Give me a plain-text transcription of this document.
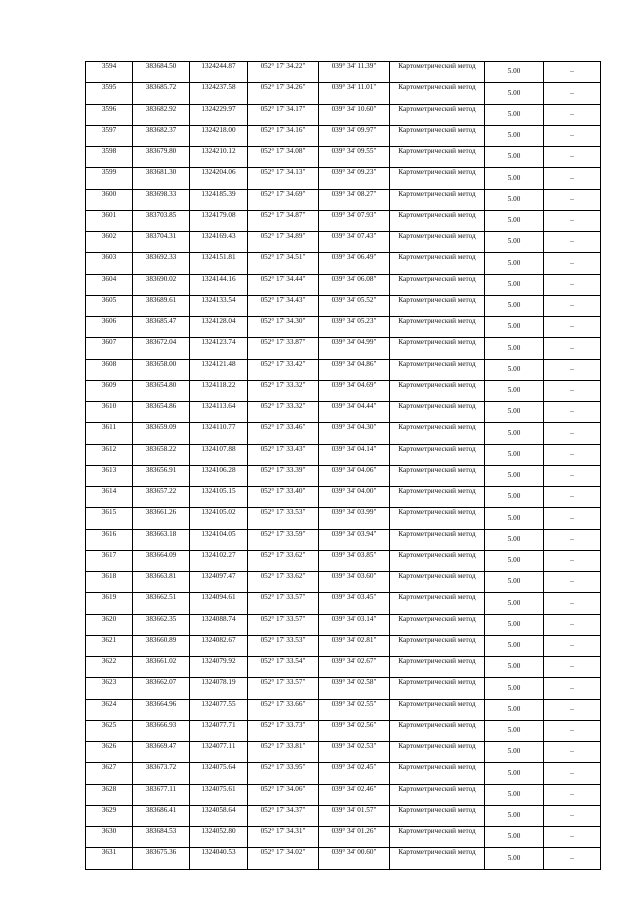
3594	383684.50	1324244.87	052° 17' 34.22"	039° 34' 11.39"	Картометрический метод	5.00	–
3595	383685.72	1324237.58	052° 17' 34.26"	039° 34' 11.01"	Картометрический метод	5.00	–
3596	383682.92	1324229.97	052° 17' 34.17"	039° 34' 10.60"	Картометрический метод	5.00	–
3597	383682.37	1324218.00	052° 17' 34.16"	039° 34' 09.97"	Картометрический метод	5.00	–
3598	383679.80	1324210.12	052° 17' 34.08"	039° 34' 09.55"	Картометрический метод	5.00	–
3599	383681.30	1324204.06	052° 17' 34.13"	039° 34' 09.23"	Картометрический метод	5.00	–
3600	383698.33	1324185.39	052° 17' 34.69"	039° 34' 08.27"	Картометрический метод	5.00	–
3601	383703.85	1324179.08	052° 17' 34.87"	039° 34' 07.93"	Картометрический метод	5.00	–
3602	383704.31	1324169.43	052° 17' 34.89"	039° 34' 07.43"	Картометрический метод	5.00	–
3603	383692.33	1324151.81	052° 17' 34.51"	039° 34' 06.49"	Картометрический метод	5.00	–
3604	383690.02	1324144.16	052° 17' 34.44"	039° 34' 06.08"	Картометрический метод	5.00	–
3605	383689.61	1324133.54	052° 17' 34.43"	039° 34' 05.52"	Картометрический метод	5.00	–
3606	383685.47	1324128.04	052° 17' 34.30"	039° 34' 05.23"	Картометрический метод	5.00	–
3607	383672.04	1324123.74	052° 17' 33.87"	039° 34' 04.99"	Картометрический метод	5.00	–
3608	383658.00	1324121.48	052° 17' 33.42"	039° 34' 04.86"	Картометрический метод	5.00	–
3609	383654.80	1324118.22	052° 17' 33.32"	039° 34' 04.69"	Картометрический метод	5.00	–
3610	383654.86	1324113.64	052° 17' 33.32"	039° 34' 04.44"	Картометрический метод	5.00	–
3611	383659.09	1324110.77	052° 17' 33.46"	039° 34' 04.30"	Картометрический метод	5.00	–
3612	383658.22	1324107.88	052° 17' 33.43"	039° 34' 04.14"	Картометрический метод	5.00	–
3613	383656.91	1324106.28	052° 17' 33.39"	039° 34' 04.06"	Картометрический метод	5.00	–
3614	383657.22	1324105.15	052° 17' 33.40"	039° 34' 04.00"	Картометрический метод	5.00	–
3615	383661.26	1324105.02	052° 17' 33.53"	039° 34' 03.99"	Картометрический метод	5.00	–
3616	383663.18	1324104.05	052° 17' 33.59"	039° 34' 03.94"	Картометрический метод	5.00	–
3617	383664.09	1324102.27	052° 17' 33.62"	039° 34' 03.85"	Картометрический метод	5.00	–
3618	383663.81	1324097.47	052° 17' 33.62"	039° 34' 03.60"	Картометрический метод	5.00	–
3619	383662.51	1324094.61	052° 17' 33.57"	039° 34' 03.45"	Картометрический метод	5.00	–
3620	383662.35	1324088.74	052° 17' 33.57"	039° 34' 03.14"	Картометрический метод	5.00	–
3621	383660.89	1324082.67	052° 17' 33.53"	039° 34' 02.81"	Картометрический метод	5.00	–
3622	383661.02	1324079.92	052° 17' 33.54"	039° 34' 02.67"	Картометрический метод	5.00	–
3623	383662.07	1324078.19	052° 17' 33.57"	039° 34' 02.58"	Картометрический метод	5.00	–
3624	383664.96	1324077.55	052° 17' 33.66"	039° 34' 02.55"	Картометрический метод	5.00	–
3625	383666.93	1324077.71	052° 17' 33.73"	039° 34' 02.56"	Картометрический метод	5.00	–
3626	383669.47	1324077.11	052° 17' 33.81"	039° 34' 02.53"	Картометрический метод	5.00	–
3627	383673.72	1324075.64	052° 17' 33.95"	039° 34' 02.45"	Картометрический метод	5.00	–
3628	383677.11	1324075.61	052° 17' 34.06"	039° 34' 02.46"	Картометрический метод	5.00	–
3629	383686.41	1324058.64	052° 17' 34.37"	039° 34' 01.57"	Картометрический метод	5.00	–
3630	383684.53	1324052.80	052° 17' 34.31"	039° 34' 01.26"	Картометрический метод	5.00	–
3631	383675.36	1324040.53	052° 17' 34.02"	039° 34' 00.60"	Картометрический метод	5.00	–
